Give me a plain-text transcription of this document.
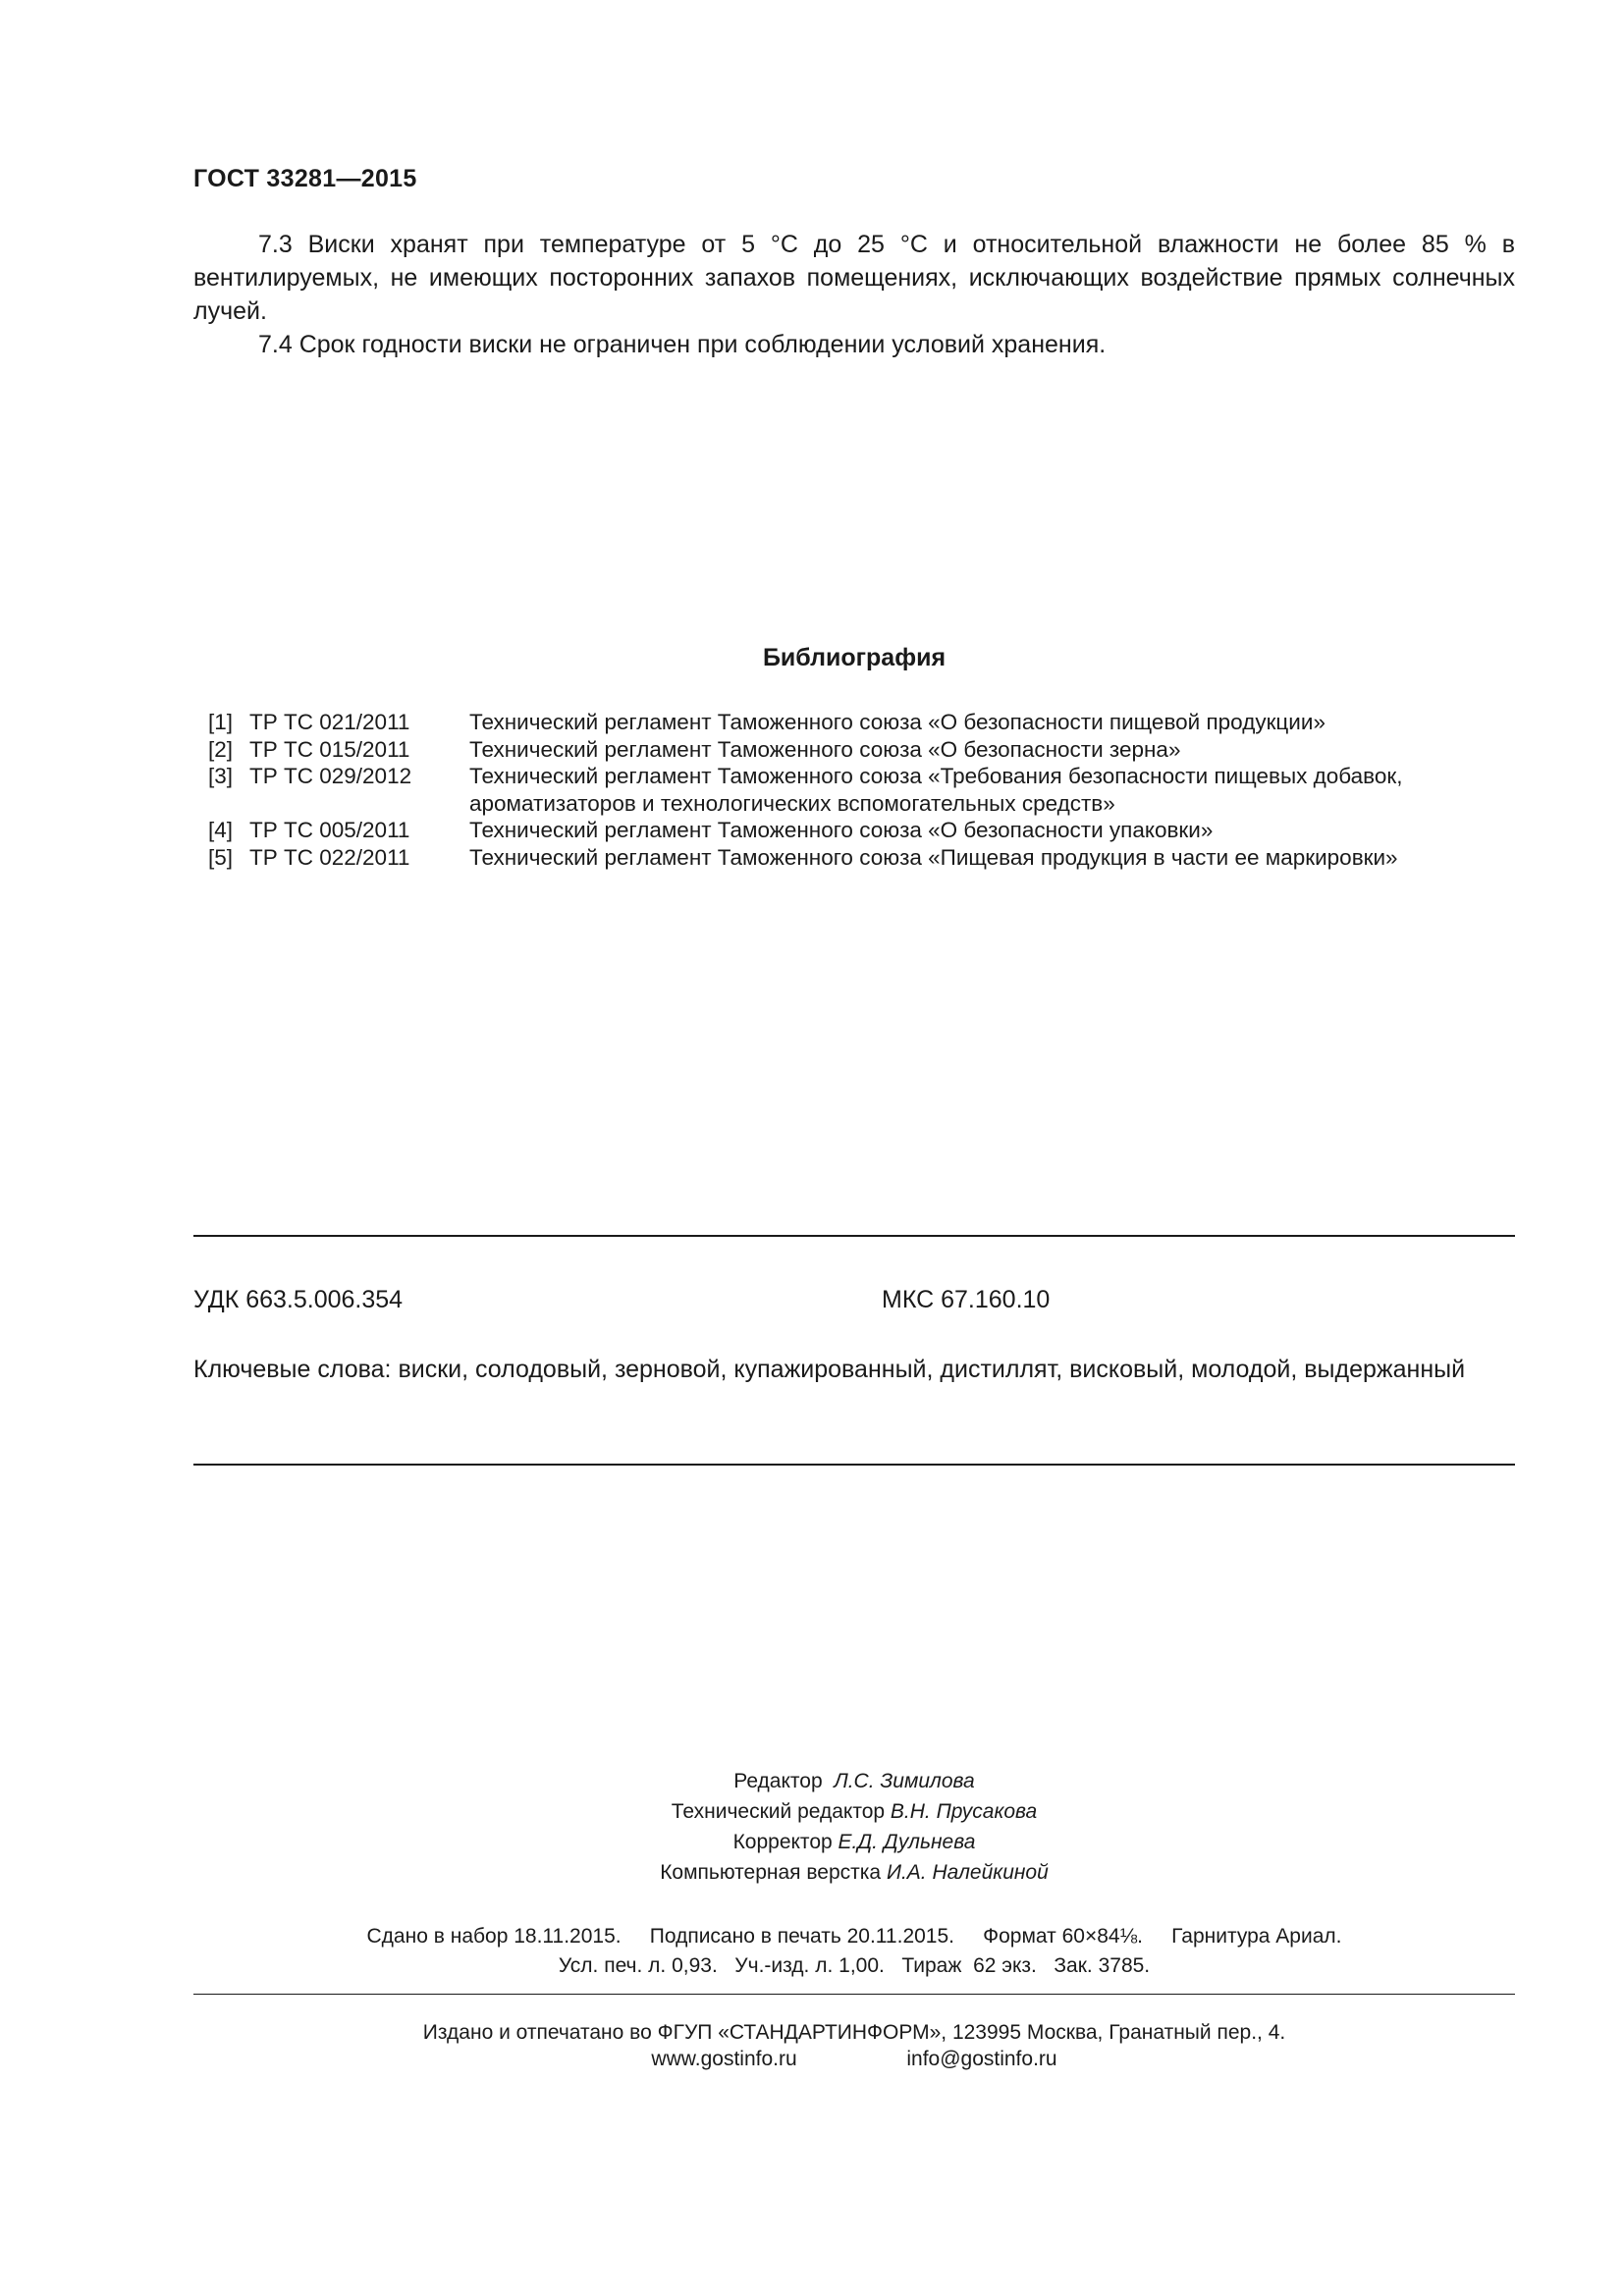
ГОСТ 33281—2015
7.3 Виски хранят при температуре от 5 °С до 25 °С и относительной влажности не более 85 % в вентилируемых, не имеющих посторонних запахов помещениях, исключающих воздействие прямых солнечных лучей.
7.4 Срок годности виски не ограничен при соблюдении условий хранения.
Библиография
[1] ТР ТС 021/2011	Технический регламент Таможенного союза «О безопасности пищевой продукции»
[2] ТР ТС 015/2011	Технический регламент Таможенного союза «О безопасности зерна»
[3] ТР ТС 029/2012	Технический регламент Таможенного союза «Требования безопасности пищевых добавок, ароматизаторов и технологических вспомогательных средств»
[4] ТР ТС 005/2011	Технический регламент Таможенного союза «О безопасности упаковки»
[5] ТР ТС 022/2011	Технический регламент Таможенного союза «Пищевая продукция в части ее маркировки»
УДК 663.5.006.354	МКС 67.160.10
Ключевые слова: виски, солодовый, зерновой, купажированный, дистиллят, висковый, молодой, выдержанный
Редактор Л.С. Зимилова
Технический редактор В.Н. Прусакова
Корректор Е.Д. Дульнева
Компьютерная верстка И.А. Налейкиной
Сдано в набор 18.11.2015.     Подписано в печать 20.11.2015.     Формат 60×84⅛.     Гарнитура Ариал.
Усл. печ. л. 0,93.   Уч.-изд. л. 1,00.   Тираж  62 экз.   Зак. 3785.
Издано и отпечатано во ФГУП «СТАНДАРТИНФОРМ», 123995 Москва, Гранатный пер., 4.
www.gostinfo.ru	info@gostinfo.ru
